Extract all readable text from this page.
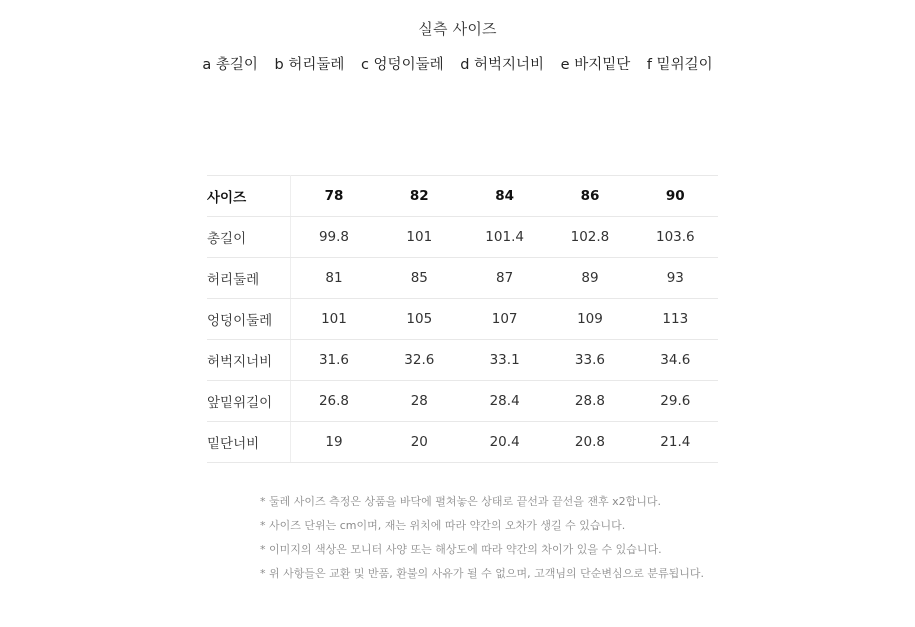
실측 사이즈
a 총길이 b 허리둘레 c 엉덩이둘레 d 허벅지너비 e 바지밑단 f 밑위길이
사이즈	78	82	84	86	90
총길이	99.8	101	101.4	102.8	103.6
허리둘레	81	85	87	89	93
엉덩이둘레	101	105	107	109	113
허벅지너비	31.6	32.6	33.1	33.6	34.6
앞밑위길이	26.8	28	28.4	28.8	29.6
밑단너비	19	20	20.4	20.8	21.4
* 둘레 사이즈 측정은 상품을 바닥에 펼쳐놓은 상태로 끝선과 끝선을 잰후 x2합니다.
* 사이즈 단위는 cm이며, 재는 위치에 따라 약간의 오차가 생길 수 있습니다.
* 이미지의 색상은 모니터 사양 또는 해상도에 따라 약간의 차이가 있을 수 있습니다.
* 위 사항들은 교환 및 반품, 환불의 사유가 될 수 없으며, 고객님의 단순변심으로 분류됩니다.
